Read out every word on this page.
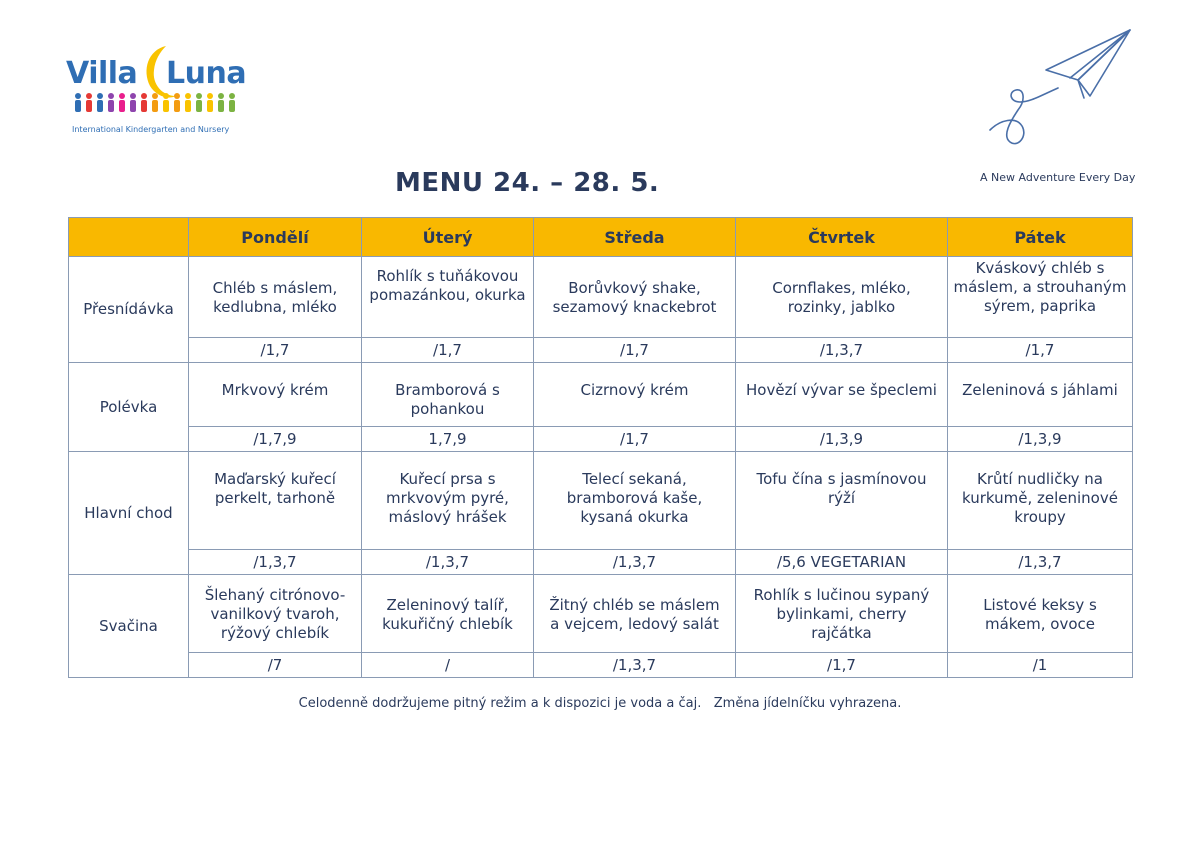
Villa Luna
International Kindergarten and Nursery
A New Adventure Every Day
MENU 24. – 28. 5.
	Pondělí	Úterý	Středa	Čtvrtek	Pátek
Přesnídávka	Chléb s máslem, kedlubna, mléko	Rohlík s tuňákovou pomazánkou, okurka	Borůvkový shake, sezamový knackebrot	Cornflakes, mléko, rozinky, jablko	Kváskový chléb s máslem, a strouhaným sýrem, paprika
	/1,7	/1,7	/1,7	/1,3,7	/1,7
Polévka	Mrkvový krém	Bramborová s pohankou	Cizrnový krém	Hovězí vývar se špeclemi	Zeleninová s jáhlami
	/1,7,9	1,7,9	/1,7	/1,3,9	/1,3,9
Hlavní chod	Maďarský kuřecí perkelt, tarhoně	Kuřecí prsa s mrkvovým pyré, máslový hrášek	Telecí sekaná, bramborová kaše, kysaná okurka	Tofu čína s jasmínovou rýží	Krůtí nudličky na kurkumě, zeleninové kroupy
	/1,3,7	/1,3,7	/1,3,7	/5,6 VEGETARIAN	/1,3,7
Svačina	Šlehaný citrónovo-vanilkový tvaroh, rýžový chlebík	Zeleninový talíř, kukuřičný chlebík	Žitný chléb se máslem a vejcem, ledový salát	Rohlík s lučinou sypaný bylinkami, cherry rajčátka	Listové keksy s mákem, ovoce
	/7	/	/1,3,7	/1,7	/1
Celodenně dodržujeme pitný režim a k dispozici je voda a čaj. Změna jídelníčku vyhrazena.
